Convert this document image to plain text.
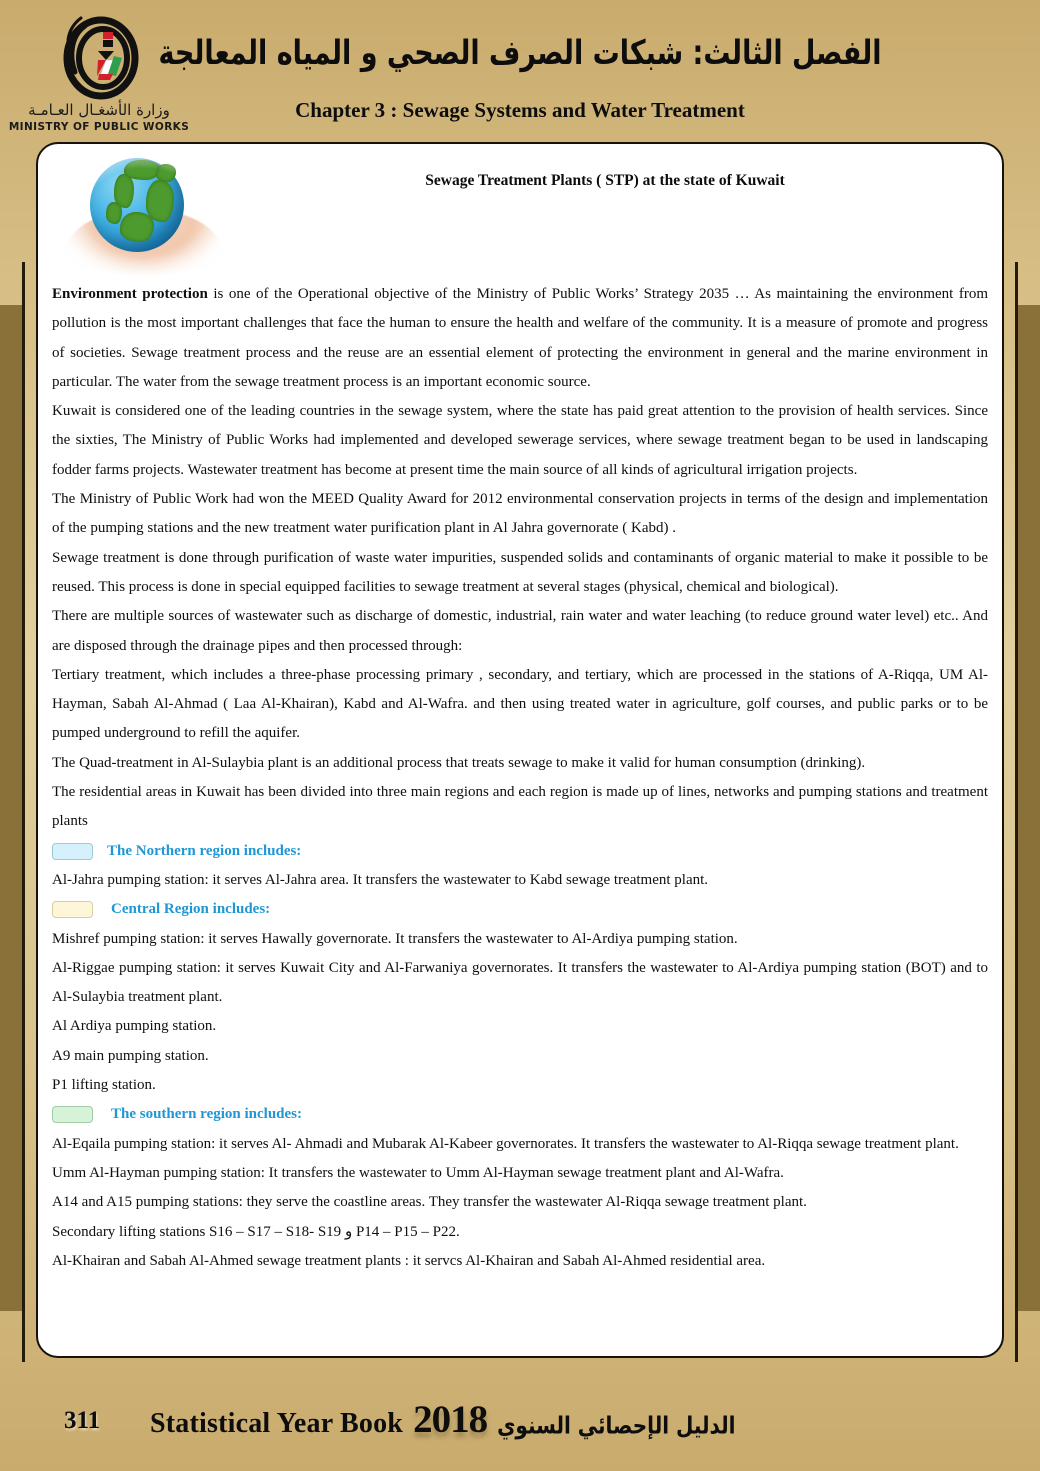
وزارة الأشغـال العـامـة
MINISTRY OF PUBLIC WORKS
الفصل الثالث: شبكات الصرف الصحي و المياه المعالجة
Chapter 3 : Sewage Systems and Water Treatment
Sewage Treatment Plants ( STP) at the state of Kuwait

Environment protection is one of the Operational objective of the Ministry of Public Works’ Strategy 2035 … As maintaining the environment from pollution is the most important challenges that face the human to ensure the health and welfare of the community. It is a measure of promote and progress of societies. Sewage treatment process and the reuse are an essential element of protecting the environment in general and the marine environment in particular. The water from the sewage treatment process is an important economic source.

Kuwait is considered one of the leading countries in the sewage system, where the state has paid great attention to the provision of health services. Since the sixties, The Ministry of Public Works had implemented and developed sewerage services, where sewage treatment began to be used in landscaping fodder farms projects. Wastewater treatment has become at present time the main source of all kinds of agricultural irrigation projects.

The Ministry of Public Work had won the MEED Quality Award for 2012 environmental conservation projects in terms of the design and implementation of the pumping stations and the new treatment water purification plant in Al Jahra governorate ( Kabd) .

Sewage treatment is done through purification of waste water impurities, suspended solids and contaminants of organic material to make it possible to be reused. This process is done in special equipped facilities to sewage treatment at several stages (physical, chemical and biological).

There are multiple sources of wastewater such as discharge of domestic, industrial, rain water and water leaching (to reduce ground water level) etc.. And are disposed through the drainage pipes and then processed through:

Tertiary treatment, which includes a three-phase processing primary , secondary, and tertiary, which are processed in the stations of A-Riqqa, UM Al-Hayman, Sabah Al-Ahmad ( Laa Al-Khairan), Kabd and Al-Wafra. and then using treated water in agriculture, golf courses, and public parks or to be pumped underground to refill the aquifer.

The Quad-treatment in Al-Sulaybia plant is an additional process that treats sewage to make it valid for human consumption (drinking).

The residential areas in Kuwait has been divided into three main regions and each region is made up of lines, networks and pumping stations and treatment plants

The Northern region includes:

Al-Jahra pumping station: it serves Al-Jahra area. It transfers the wastewater to Kabd sewage treatment plant.

Central Region includes:

Mishref pumping station: it serves Hawally governorate. It transfers the wastewater to Al-Ardiya pumping station.

Al-Riggae pumping station: it serves Kuwait City and Al-Farwaniya governorates. It transfers the wastewater to Al-Ardiya pumping station (BOT) and to Al-Sulaybia treatment plant.

Al Ardiya pumping station.

A9 main pumping station.

P1 lifting station.

The southern region includes:

Al-Eqaila pumping station: it serves Al- Ahmadi and Mubarak Al-Kabeer governorates. It transfers the wastewater to Al-Riqqa sewage treatment plant.

Umm Al-Hayman pumping station: It transfers the wastewater to Umm Al-Hayman sewage treatment plant and Al-Wafra.

A14 and A15 pumping stations: they serve the coastline areas. They transfer the wastewater Al-Riqqa sewage treatment plant.

Secondary lifting stations S16 – S17 – S18- S19 و P14 – P15 – P22.

Al-Khairan and Sabah Al-Ahmed sewage treatment plants : it servcs Al-Khairan and Sabah Al-Ahmed residential area.

311 Statistical Year Book 2018 الدليل الإحصائي السنوي
